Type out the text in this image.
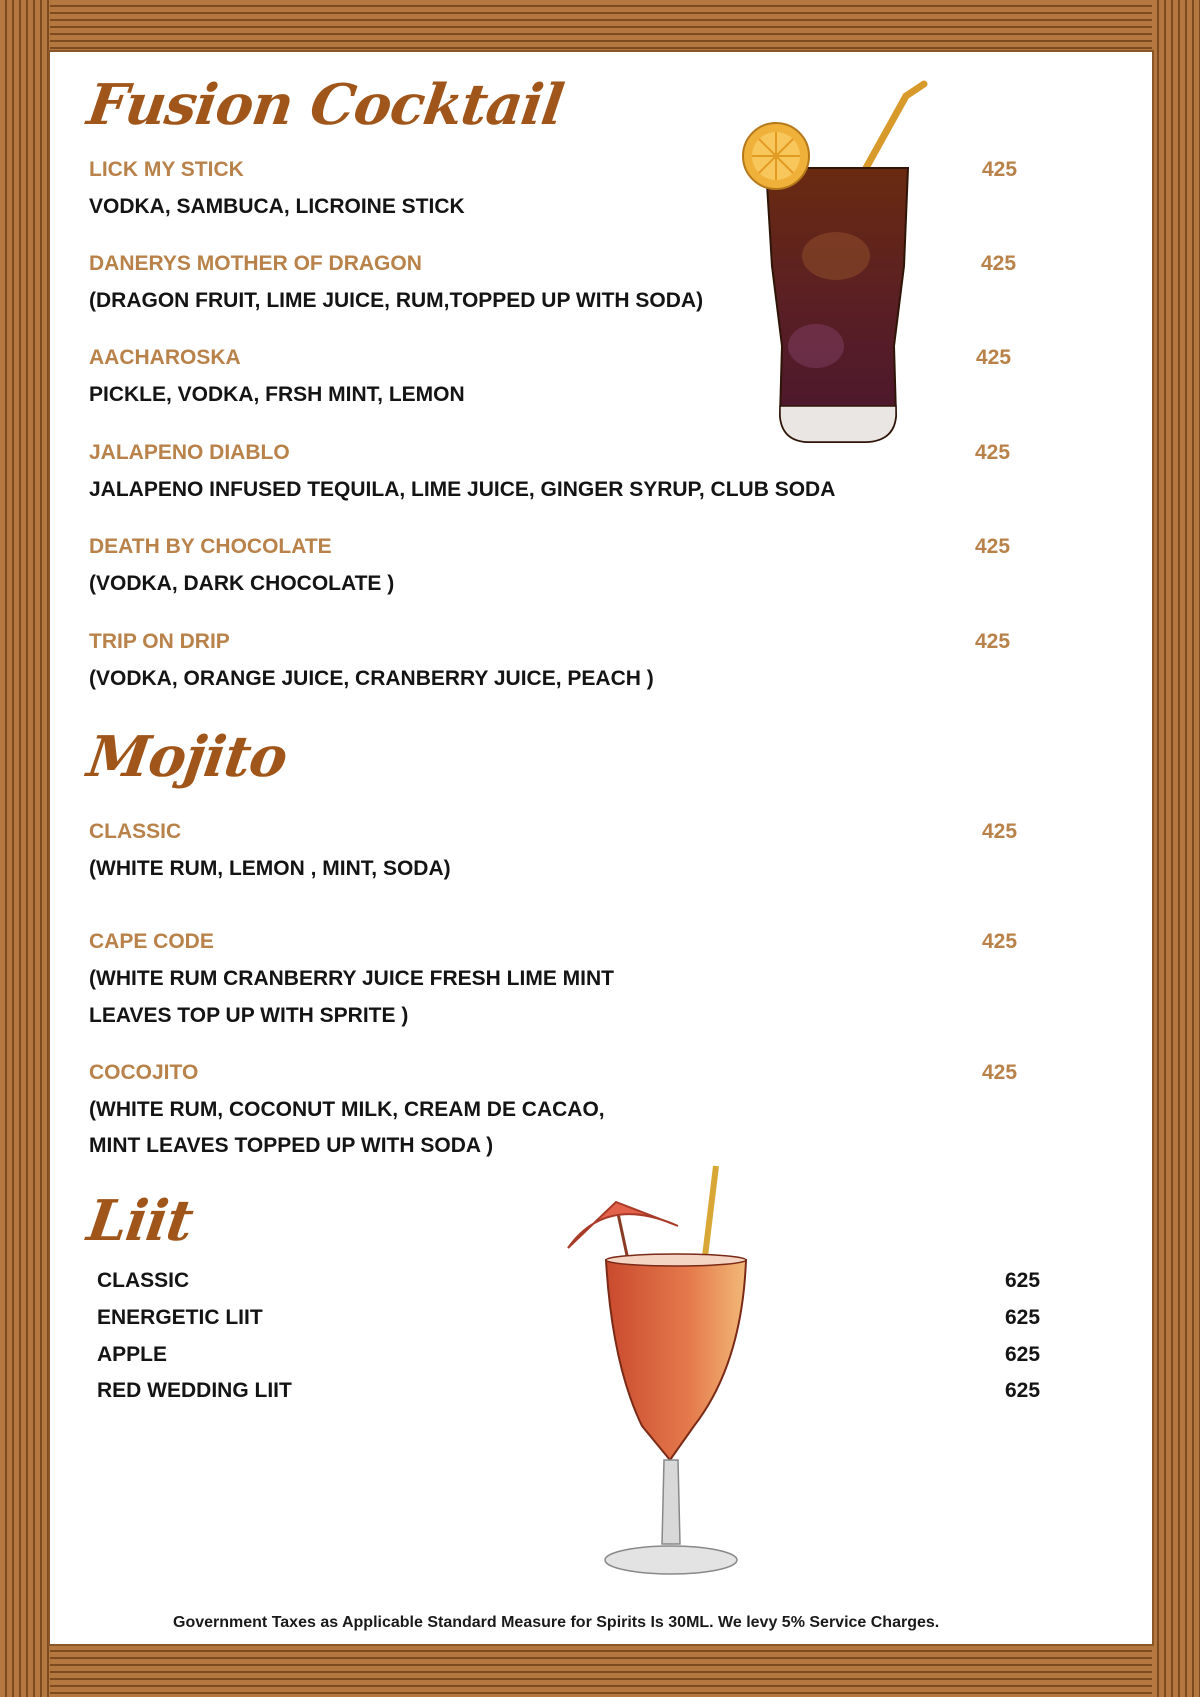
Fusion Cocktail
LICK MY STICK	425
VODKA, SAMBUCA, LICROINE STICK
DANERYS MOTHER OF DRAGON	425
(DRAGON FRUIT, LIME JUICE, RUM,TOPPED UP WITH SODA)
AACHAROSKA	425
PICKLE, VODKA, FRSH MINT, LEMON
JALAPENO DIABLO	425
JALAPENO INFUSED TEQUILA, LIME JUICE, GINGER SYRUP, CLUB SODA
DEATH BY CHOCOLATE	425
(VODKA, DARK CHOCOLATE )
TRIP ON DRIP	425
(VODKA, ORANGE JUICE, CRANBERRY JUICE, PEACH )
Mojito
CLASSIC	425
(WHITE RUM, LEMON , MINT, SODA)
CAPE CODE	425
(WHITE RUM CRANBERRY JUICE FRESH LIME MINT
LEAVES TOP UP WITH SPRITE )
COCOJITO	425
(WHITE RUM, COCONUT MILK, CREAM DE CACAO,
MINT LEAVES TOPPED UP WITH SODA )
Liit
CLASSIC	625
ENERGETIC LIIT	625
APPLE	625
RED WEDDING LIIT	625
Government Taxes as Applicable Standard Measure for Spirits Is 30ML. We levy 5% Service Charges.
